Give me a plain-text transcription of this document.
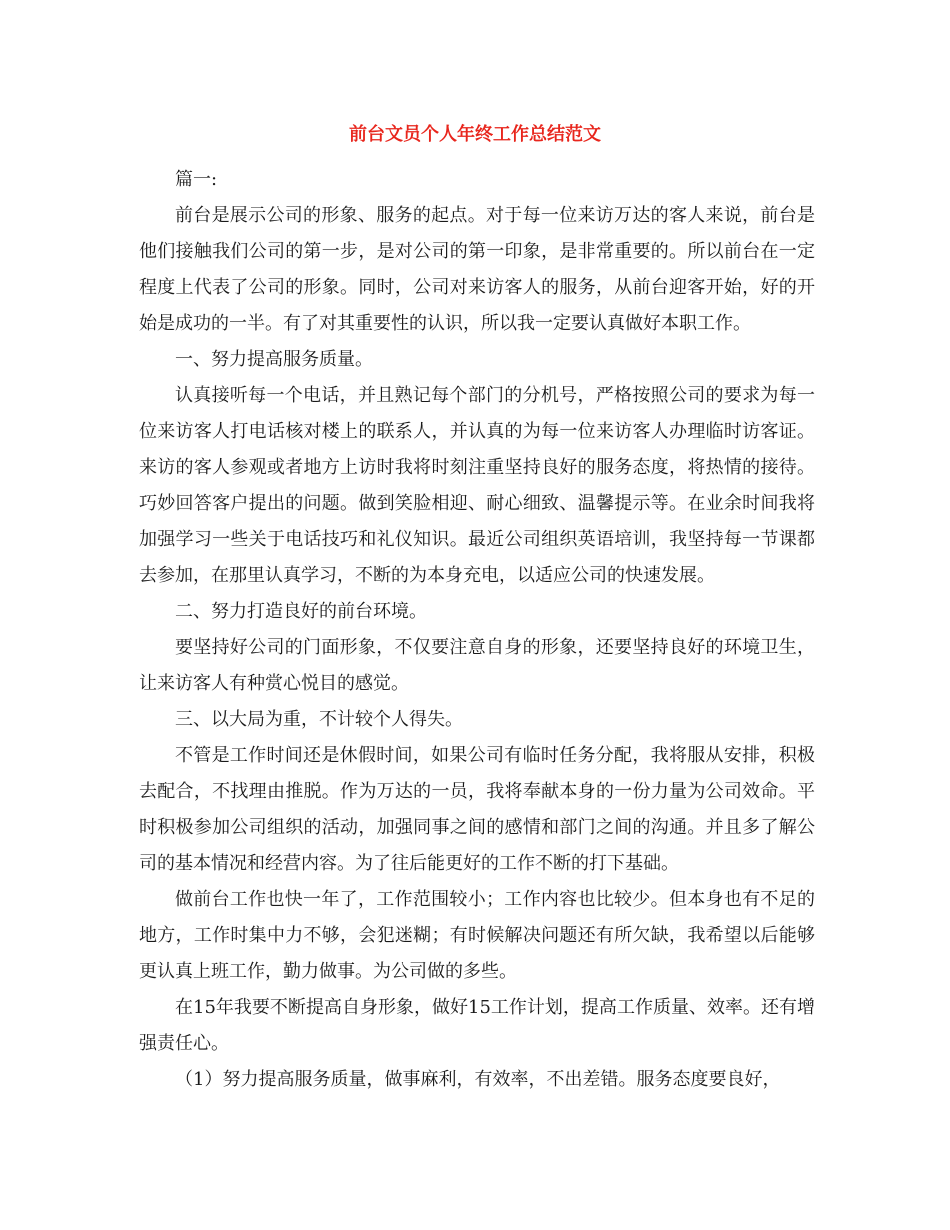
前台文员个人年终工作总结范文

篇一:

前台是展示公司的形象、服务的起点。对于每一位来访万达的客人来说，前台是他们接触我们公司的第一步，是对公司的第一印象，是非常重要的。所以前台在一定程度上代表了公司的形象。同时，公司对来访客人的服务，从前台迎客开始，好的开始是成功的一半。有了对其重要性的认识，所以我一定要认真做好本职工作。

一、努力提高服务质量。

认真接听每一个电话，并且熟记每个部门的分机号，严格按照公司的要求为每一位来访客人打电话核对楼上的联系人，并认真的为每一位来访客人办理临时访客证。来访的客人参观或者地方上访时我将时刻注重坚持良好的服务态度，将热情的接待。巧妙回答客户提出的问题。做到笑脸相迎、耐心细致、温馨提示等。在业余时间我将加强学习一些关于电话技巧和礼仪知识。最近公司组织英语培训，我坚持每一节课都去参加，在那里认真学习，不断的为本身充电，以适应公司的快速发展。

二、努力打造良好的前台环境。

要坚持好公司的门面形象，不仅要注意自身的形象，还要坚持良好的环境卫生，让来访客人有种赏心悦目的感觉。

三、以大局为重，不计较个人得失。

不管是工作时间还是休假时间，如果公司有临时任务分配，我将服从安排，积极去配合，不找理由推脱。作为万达的一员，我将奉献本身的一份力量为公司效命。平时积极参加公司组织的活动，加强同事之间的感情和部门之间的沟通。并且多了解公司的基本情况和经营内容。为了往后能更好的工作不断的打下基础。

做前台工作也快一年了，工作范围较小；工作内容也比较少。但本身也有不足的地方，工作时集中力不够，会犯迷糊；有时候解决问题还有所欠缺，我希望以后能够更认真上班工作，勤力做事。为公司做的多些。

在15年我要不断提高自身形象，做好15工作计划，提高工作质量、效率。还有增强责任心。

（1）努力提高服务质量，做事麻利，有效率，不出差错。服务态度要良好，
